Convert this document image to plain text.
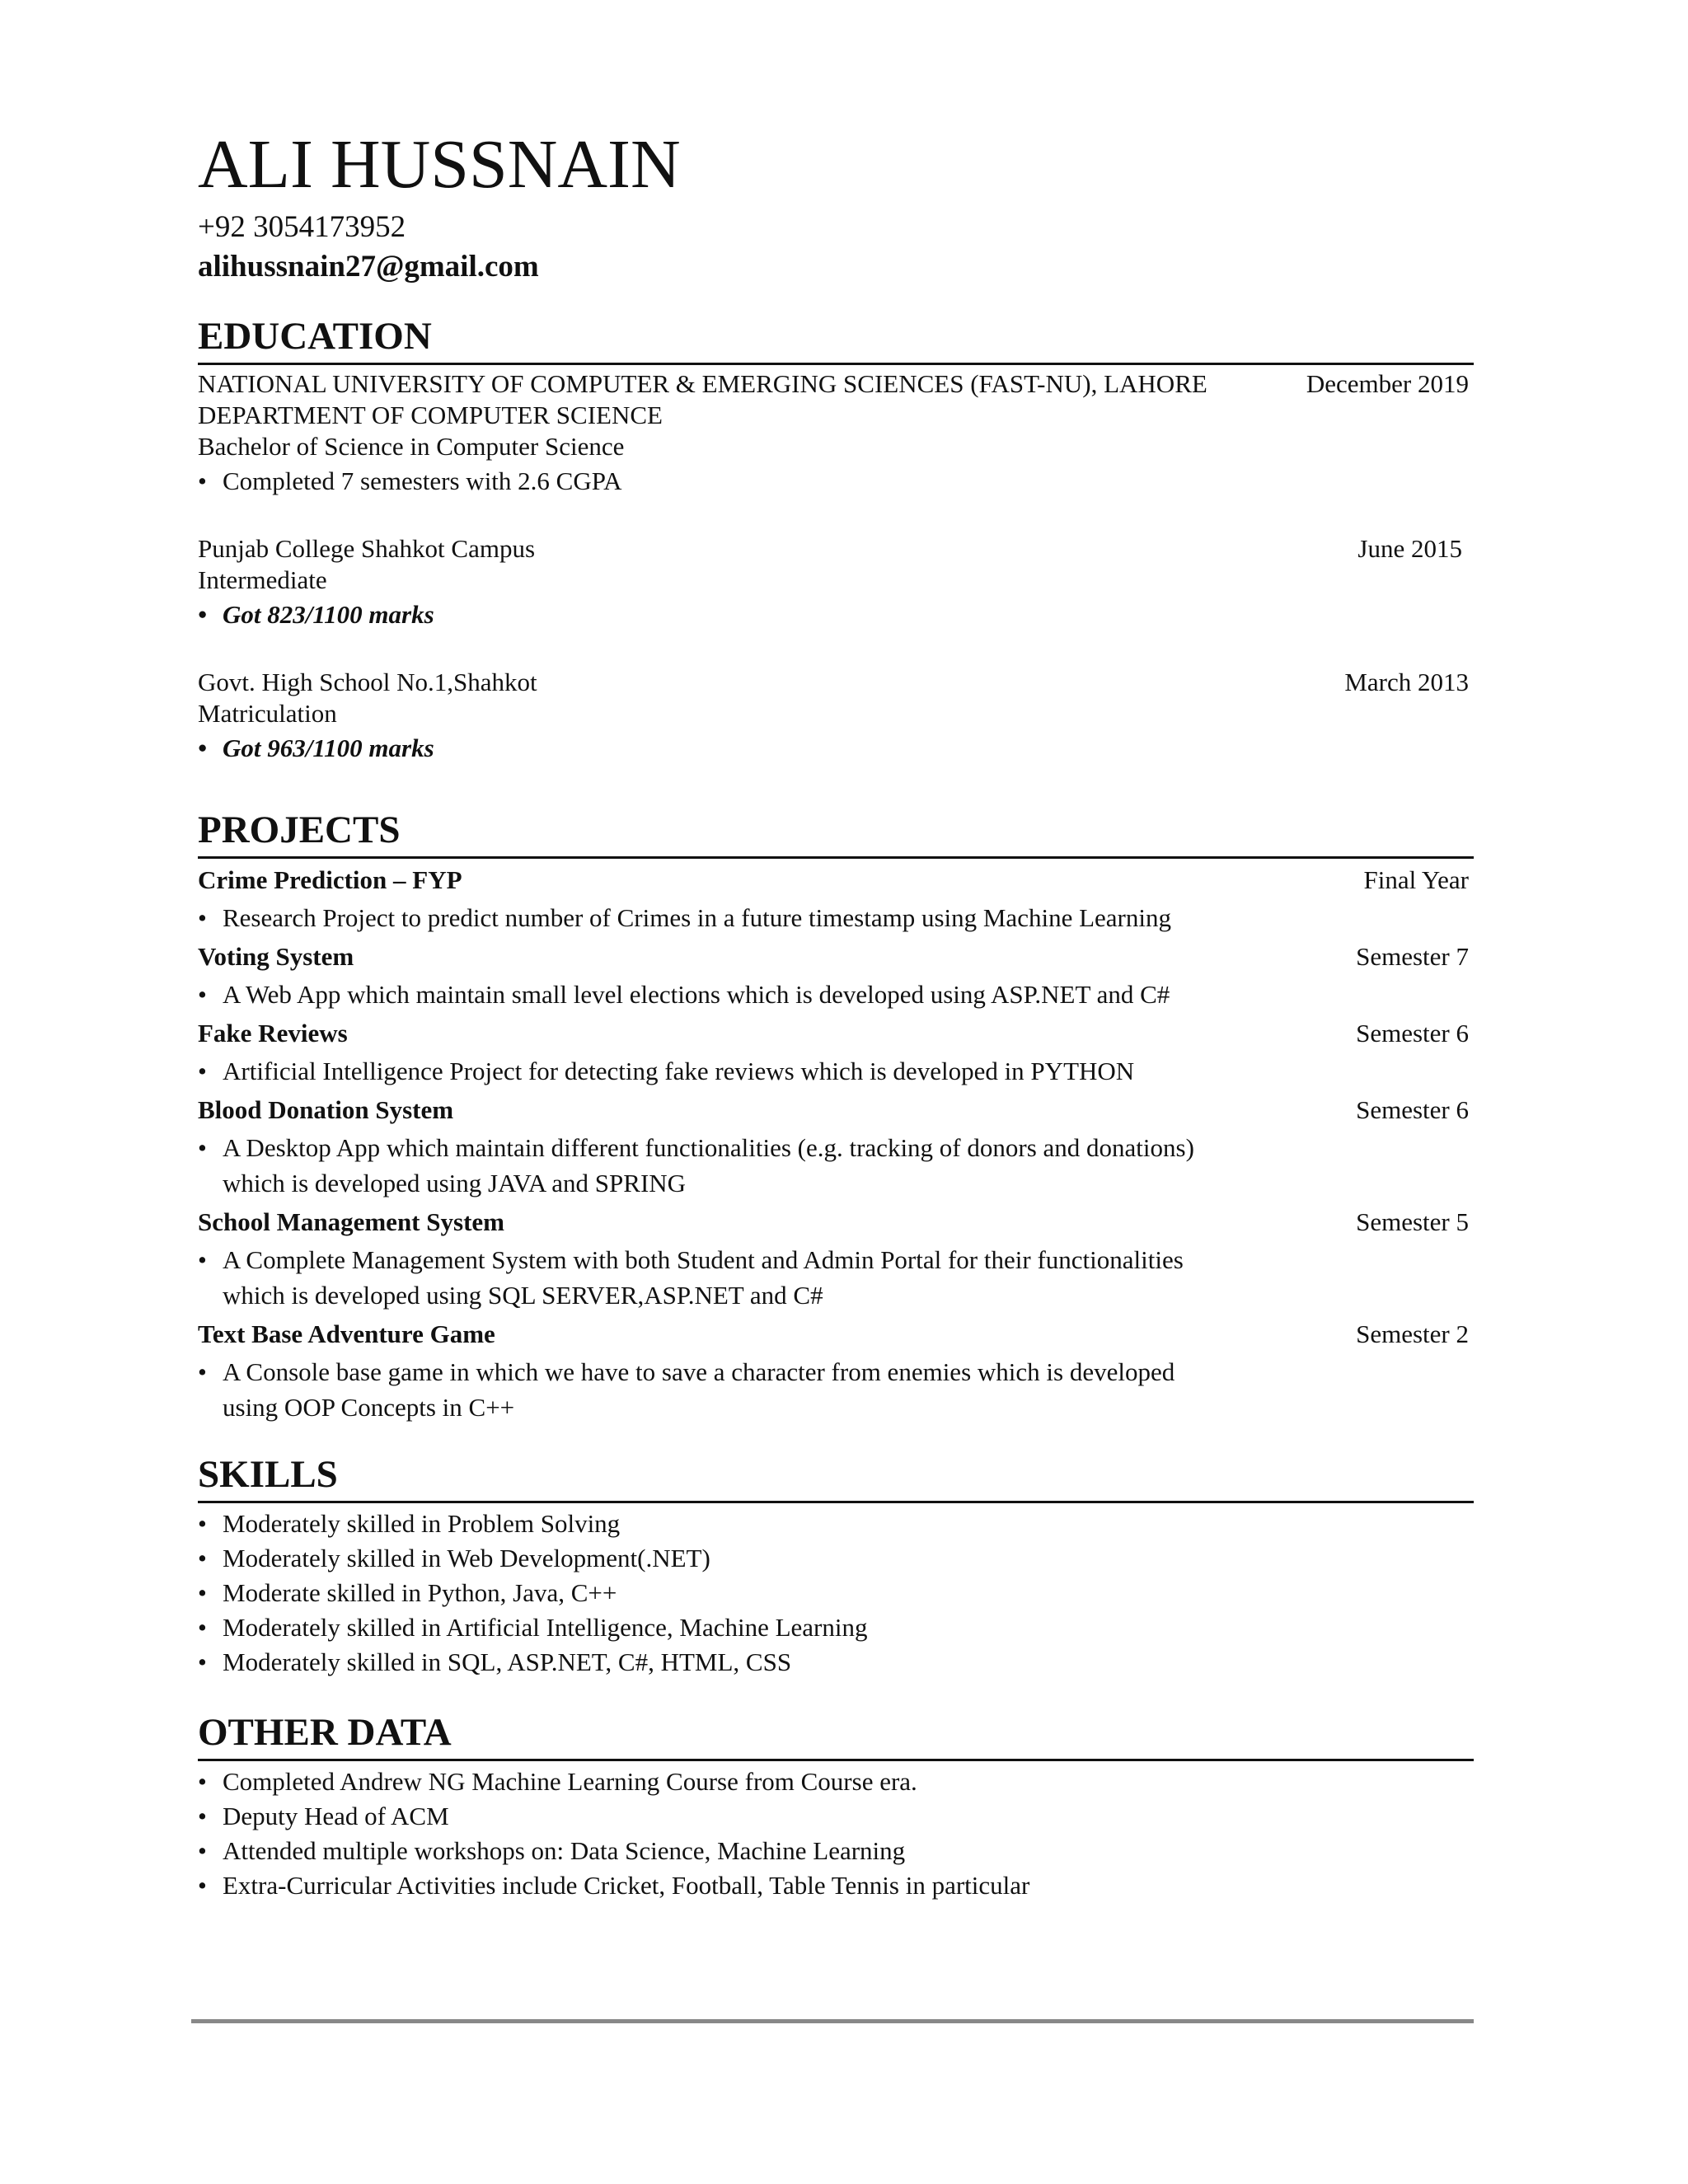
ALI HUSSNAIN
+92 3054173952
alihussnain27@gmail.com
EDUCATION
NATIONAL UNIVERSITY OF COMPUTER & EMERGING SCIENCES (FAST-NU), LAHORE	December 2019
DEPARTMENT OF COMPUTER SCIENCE
Bachelor of Science in Computer Science
• Completed 7 semesters with 2.6 CGPA
Punjab College Shahkot Campus	June 2015
Intermediate
• Got 823/1100 marks
Govt. High School No.1,Shahkot	March 2013
Matriculation
• Got 963/1100 marks
PROJECTS
Crime Prediction – FYP	Final Year
• Research Project to predict number of Crimes in a future timestamp using Machine Learning
Voting System	Semester 7
• A Web App which maintain small level elections which is developed using ASP.NET and C#
Fake Reviews	Semester 6
• Artificial Intelligence Project for detecting fake reviews which is developed in PYTHON
Blood Donation System	Semester 6
• A Desktop App which maintain different functionalities (e.g. tracking of donors and donations)
which is developed using JAVA and SPRING
School Management System	Semester 5
• A Complete Management System with both Student and Admin Portal for their functionalities
which is developed using SQL SERVER,ASP.NET and C#
Text Base Adventure Game	Semester 2
• A Console base game in which we have to save a character from enemies which is developed
using OOP Concepts in C++
SKILLS
• Moderately skilled in Problem Solving
• Moderately skilled in Web Development(.NET)
• Moderate skilled in Python, Java, C++
• Moderately skilled in Artificial Intelligence, Machine Learning
• Moderately skilled in SQL, ASP.NET, C#, HTML, CSS
OTHER DATA
• Completed Andrew NG Machine Learning Course from Course era.
• Deputy Head of ACM
• Attended multiple workshops on: Data Science, Machine Learning
• Extra-Curricular Activities include Cricket, Football, Table Tennis in particular
